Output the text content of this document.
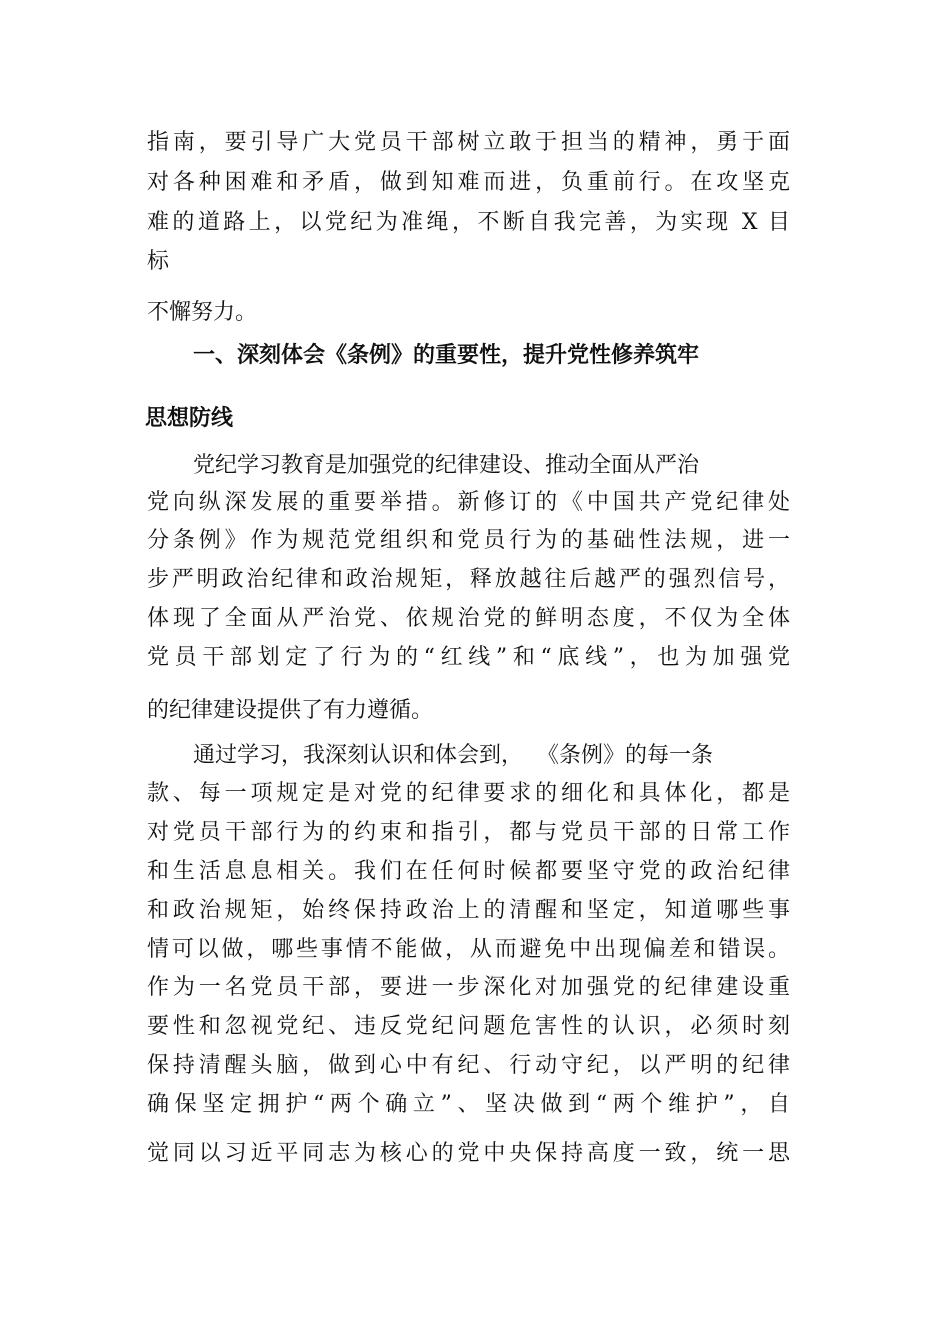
指南，要引导广大党员干部树立敢于担当的精神，勇于面

对各种困难和矛盾，做到知难而进，负重前行。在攻坚克

难的道路上，以党纪为准绳，不断自我完善，为实现 X 目

标

不懈努力。

一、深刻体会《条例》的重要性，提升党性修养筑牢

思想防线

党纪学习教育是加强党的纪律建设、推动全面从严治

党向纵深发展的重要举措。新修订的《中国共产党纪律处

分条例》作为规范党组织和党员行为的基础性法规，进一

步严明政治纪律和政治规矩，释放越往后越严的强烈信号，

体现了全面从严治党、依规治党的鲜明态度，不仅为全体

党员干部划定了行为的“红线”和“底线”，也为加强党

的纪律建设提供了有力遵循。

通过学习，我深刻认识和体会到，  《条例》的每一条

款、每一项规定是对党的纪律要求的细化和具体化，都是

对党员干部行为的约束和指引，都与党员干部的日常工作

和生活息息相关。我们在任何时候都要坚守党的政治纪律

和政治规矩，始终保持政治上的清醒和坚定，知道哪些事

情可以做，哪些事情不能做，从而避免中出现偏差和错误。

作为一名党员干部，要进一步深化对加强党的纪律建设重

要性和忽视党纪、违反党纪问题危害性的认识，必须时刻

保持清醒头脑，做到心中有纪、行动守纪，以严明的纪律

确保坚定拥护“两个确立”、坚决做到“两个维护”，自

觉同以习近平同志为核心的党中央保持高度一致，统一思
